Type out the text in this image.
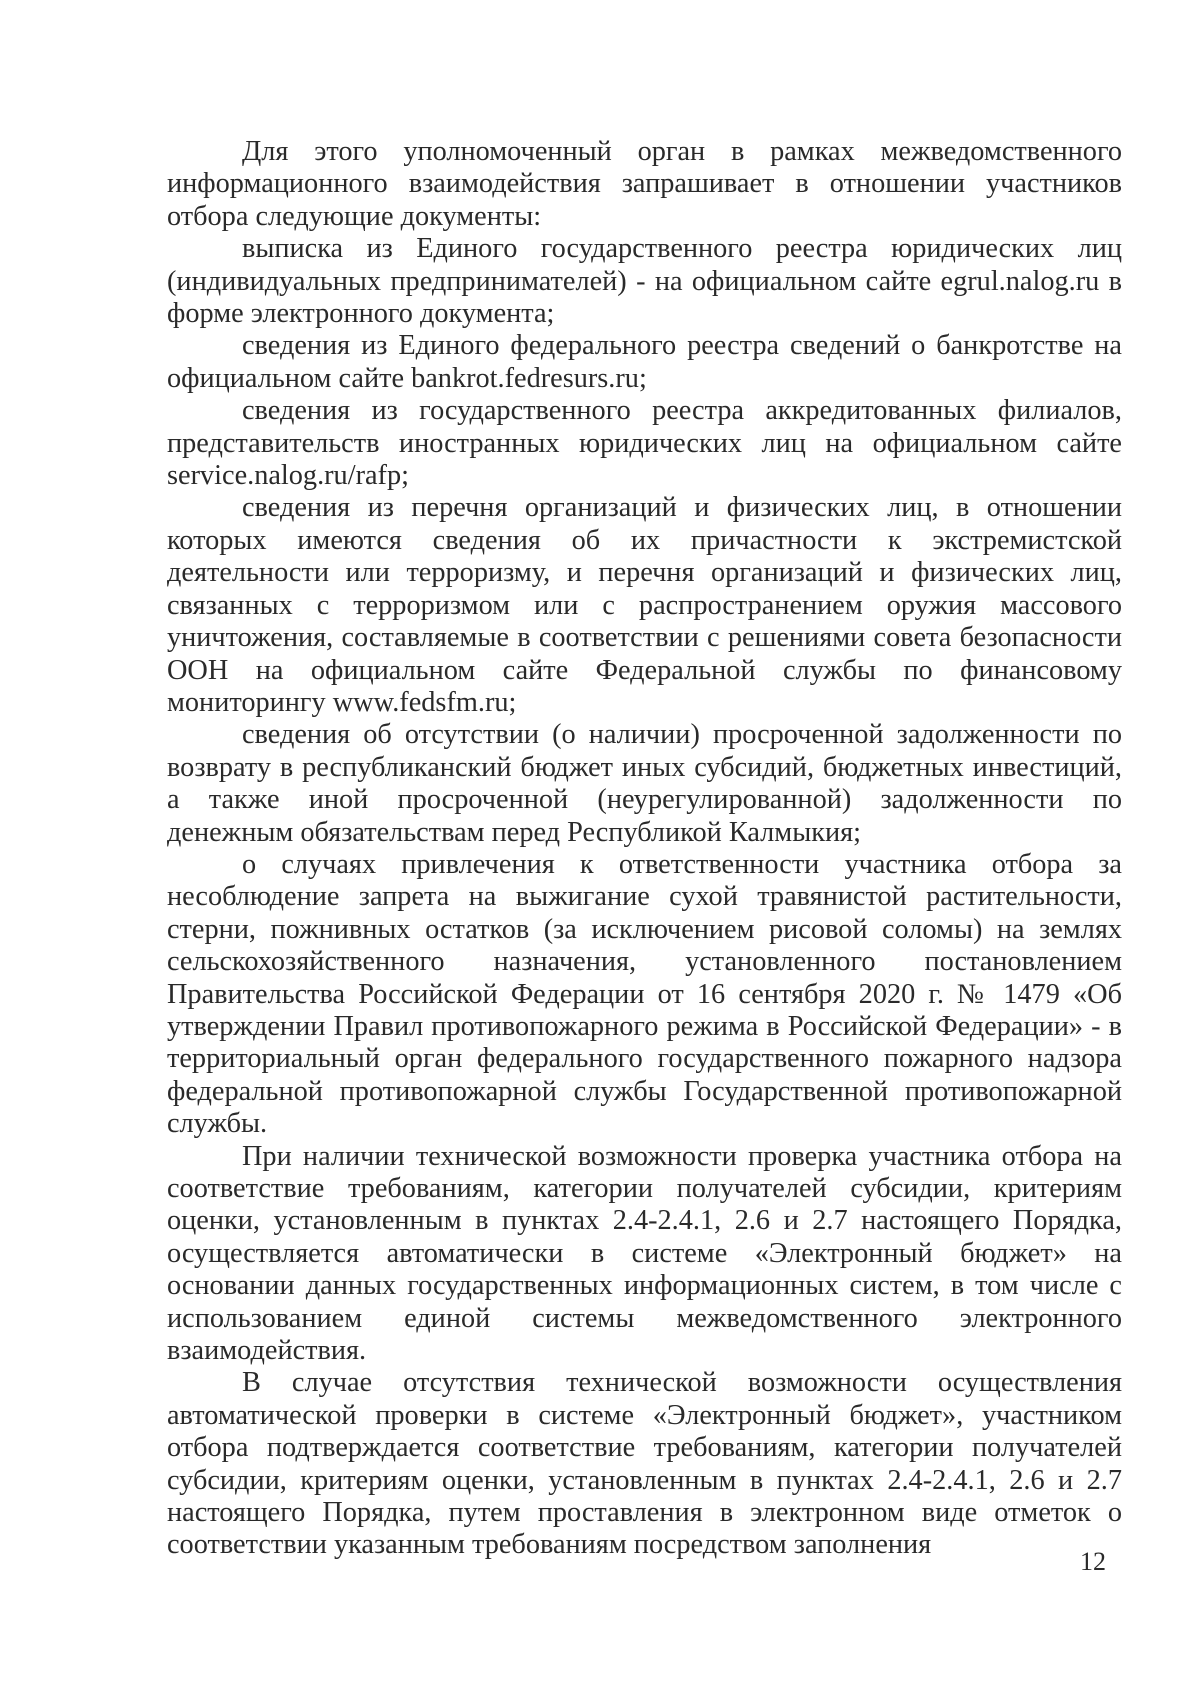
Для этого уполномоченный орган в рамках межведомственного информационного взаимодействия запрашивает в отношении участников отбора следующие документы:

выписка из Единого государственного реестра юридических лиц (индивидуальных предпринимателей) - на официальном сайте egrul.nalog.ru в форме электронного документа;

сведения из Единого федерального реестра сведений о банкротстве на официальном сайте bankrot.fedresurs.ru;

сведения из государственного реестра аккредитованных филиалов, представительств иностранных юридических лиц на официальном сайте service.nalog.ru/rafp;

сведения из перечня организаций и физических лиц, в отношении которых имеются сведения об их причастности к экстремистской деятельности или терроризму, и перечня организаций и физических лиц, связанных с терроризмом или с распространением оружия массового уничтожения, составляемые в соответствии с решениями совета безопасности ООН на официальном сайте Федеральной службы по финансовому мониторингу www.fedsfm.ru;

сведения об отсутствии (о наличии) просроченной задолженности по возврату в республиканский бюджет иных субсидий, бюджетных инвестиций, а также иной просроченной (неурегулированной) задолженности по денежным обязательствам перед Республикой Калмыкия;

о случаях привлечения к ответственности участника отбора за несоблюдение запрета на выжигание сухой травянистой растительности, стерни, пожнивных остатков (за исключением рисовой соломы) на землях сельскохозяйственного назначения, установленного постановлением Правительства Российской Федерации от 16 сентября 2020 г. № 1479 «Об утверждении Правил противопожарного режима в Российской Федерации» - в территориальный орган федерального государственного пожарного надзора федеральной противопожарной службы Государственной противопожарной службы.

При наличии технической возможности проверка участника отбора на соответствие требованиям, категории получателей субсидии, критериям оценки, установленным в пунктах 2.4-2.4.1, 2.6 и 2.7 настоящего Порядка, осуществляется автоматически в системе «Электронный бюджет» на основании данных государственных информационных систем, в том числе с использованием единой системы межведомственного электронного взаимодействия.

В случае отсутствия технической возможности осуществления автоматической проверки в системе «Электронный бюджет», участником отбора подтверждается соответствие требованиям, категории получателей субсидии, критериям оценки, установленным в пунктах 2.4-2.4.1, 2.6 и 2.7 настоящего Порядка, путем проставления в электронном виде отметок о соответствии указанным требованиям посредством заполнения

12
